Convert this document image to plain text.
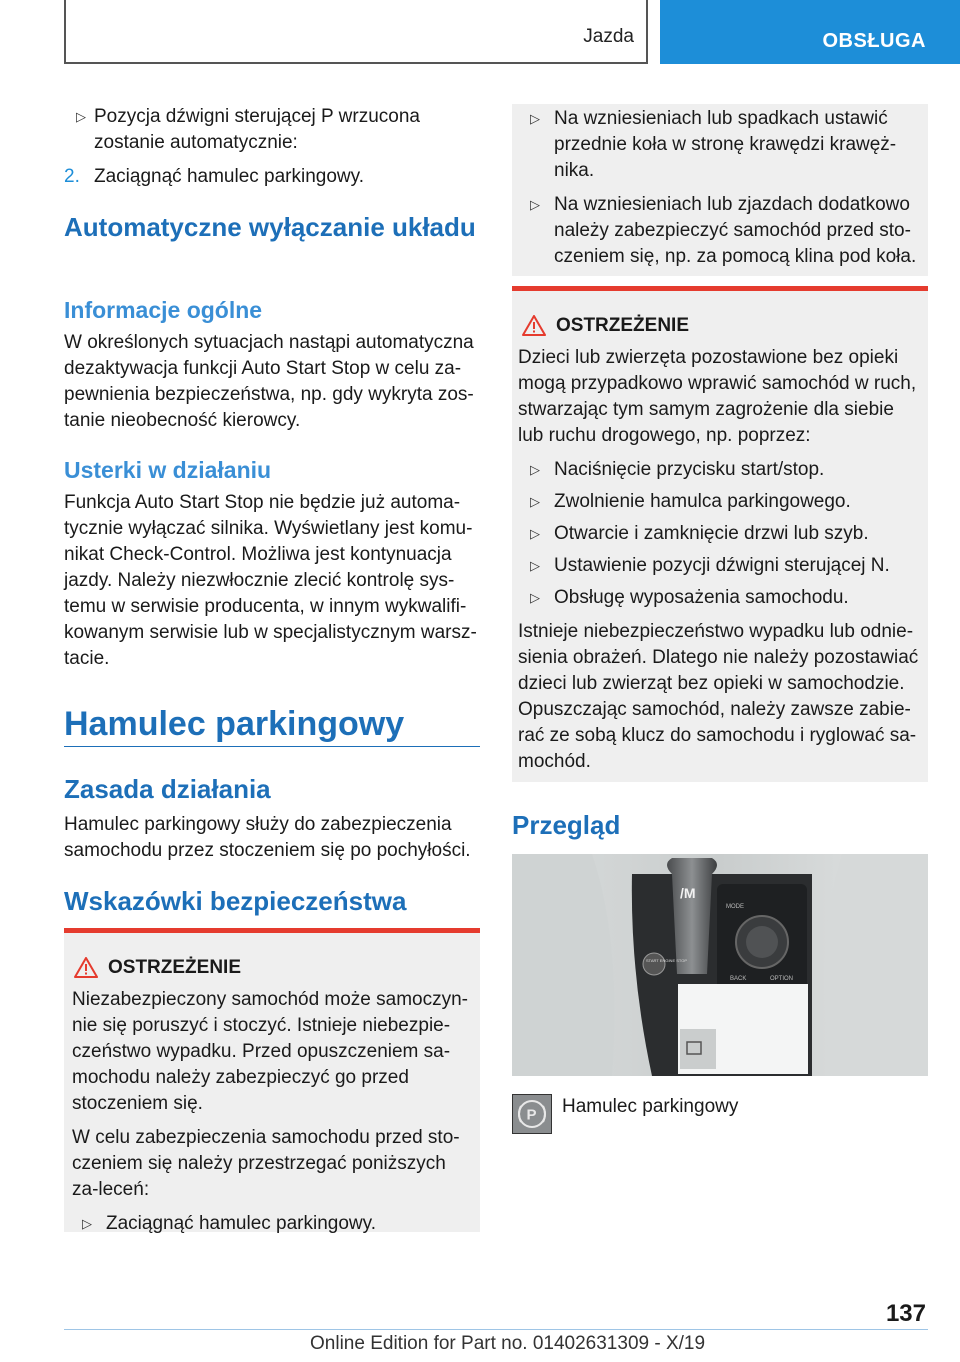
Jazda	OBSŁUGA
▷ Pozycja dźwigni sterującej P wrzucona zostanie automatycznie:
2. Zaciągnąć hamulec parkingowy.
Automatyczne wyłączanie układu
Informacje ogólne

W określonych sytuacjach nastąpi automatyczna dezaktywacja funkcji Auto Start Stop w celu za-pewnienia bezpieczeństwa, np. gdy wykryta zos-tanie nieobecność kierowcy.

Usterki w działaniu

Funkcja Auto Start Stop nie będzie już automa-tycznie wyłączać silnika. Wyświetlany jest komu-nikat Check-Control. Możliwa jest kontynuacja jazdy. Należy niezwłocznie zlecić kontrolę sys-temu w serwisie producenta, w innym wykwalifi-kowanym serwisie lub w specjalistycznym warsz-tacie.

Hamulec parkingowy
Zasada działania

Hamulec parkingowy służy do zabezpieczenia samochodu przez stoczeniem się po pochyłości.

Wskazówki bezpieczeństwa
OSTRZEŻENIE

Niezabezpieczony samochód może samoczyn-nie się poruszyć i stoczyć. Istnieje niebezpie-czeństwo wypadku. Przed opuszczeniem sa-mochodu należy zabezpieczyć go przed stoczeniem się.

W celu zabezpieczenia samochodu przed sto-czeniem się należy przestrzegać poniższych za-leceń:

▷ Zaciągnąć hamulec parkingowy.
▷ Na wzniesieniach lub spadkach ustawić przednie koła w stronę krawędzi krawęż-nika.
▷ Na wzniesieniach lub zjazdach dodatkowo należy zabezpieczyć samochód przed sto-czeniem się, np. za pomocą klina pod koła.
OSTRZEŻENIE

Dzieci lub zwierzęta pozostawione bez opieki mogą przypadkowo wprawić samochód w ruch, stwarzając tym samym zagrożenie dla siebie lub ruchu drogowego, np. poprzez:

▷ Naciśnięcie przycisku start/stop.
▷ Zwolnienie hamulca parkingowego.
▷ Otwarcie i zamknięcie drzwi lub szyb.
▷ Ustawienie pozycji dźwigni sterującej N.
▷ Obsługę wyposażenia samochodu.

Istnieje niebezpieczeństwo wypadku lub odnie-sienia obrażeń. Dlatego nie należy pozostawiać dzieci lub zwierząt bez opieki w samochodzie. Opuszczając samochód, należy zawsze zabie-rać ze sobą klucz do samochodu i ryglować sa-mochód.

Przegląd
/M
MODE
BACK	OPTION
START ENGINE STOP
P Hamulec parkingowy

137
Online Edition for Part no. 01402631309 - X/19
